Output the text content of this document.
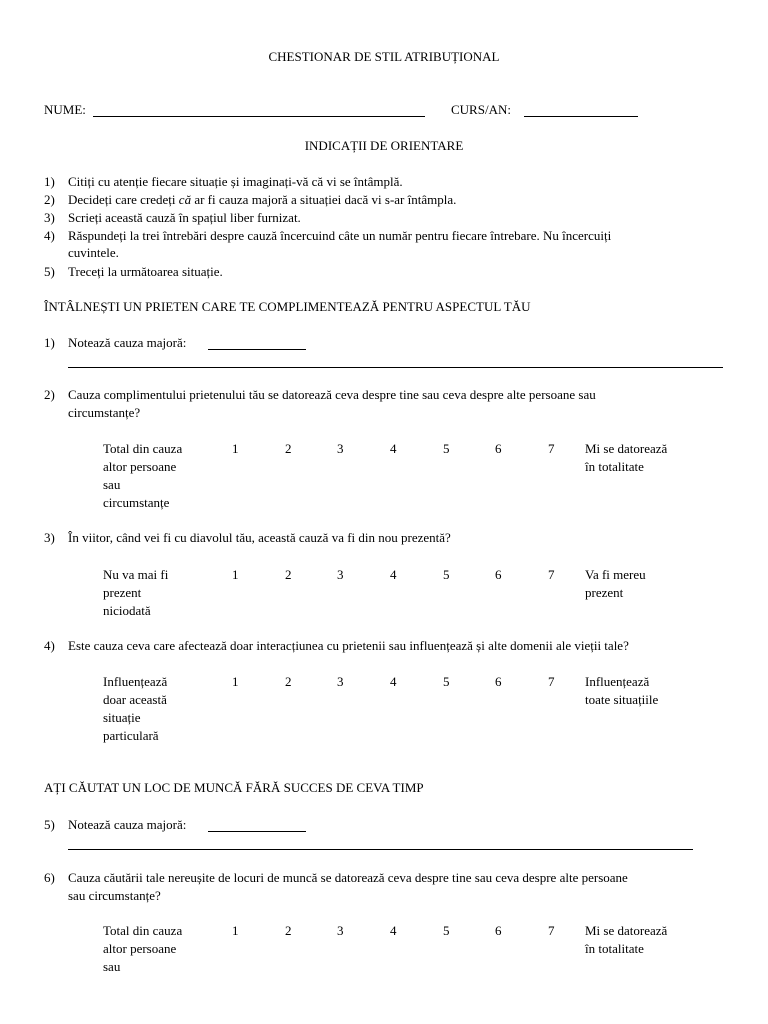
CHESTIONAR DE STIL ATRIBUȚIONAL
NUME:	CURS/AN:
INDICAȚII DE ORIENTARE
1) Citiți cu atenție fiecare situație și imaginați-vă că vi se întâmplă.
2) Decideți care credeți că ar fi cauza majoră a situației dacă vi s-ar întâmpla.
3) Scrieți această cauză în spațiul liber furnizat.
4) Răspundeți la trei întrebări despre cauză încercuind câte un număr pentru fiecare întrebare. Nu încercuiți
cuvintele.
5) Treceți la următoarea situație.
ÎNTÂLNEȘTI UN PRIETEN CARE TE COMPLIMENTEAZĂ PENTRU ASPECTUL TĂU
1) Notează cauza majoră:
2) Cauza complimentului prietenului tău se datorează ceva despre tine sau ceva despre alte persoane sau
circumstanțe?
Total din cauza
altor persoane
sau
circumstanțe
1	2	3	4	5	6	7 Mi se datorează
în totalitate
3) În viitor, când vei fi cu diavolul tău, această cauză va fi din nou prezentă?
Nu va mai fi
prezent
niciodată
1	2	3	4	5	6	7 Va fi mereu
prezent
4) Este cauza ceva care afectează doar interacțiunea cu prietenii sau influențează și alte domenii ale vieții tale?
Influențează
doar această
situație
particulară
1	2	3	4	5	6	7 Influențează
toate situațiile
AȚI CĂUTAT UN LOC DE MUNCĂ FĂRĂ SUCCES DE CEVA TIMP
5) Notează cauza majoră:
6) Cauza căutării tale nereușite de locuri de muncă se datorează ceva despre tine sau ceva despre alte persoane
sau circumstanțe?
Total din cauza
altor persoane
sau
1	2	3	4	5	6	7 Mi se datorează
în totalitate
